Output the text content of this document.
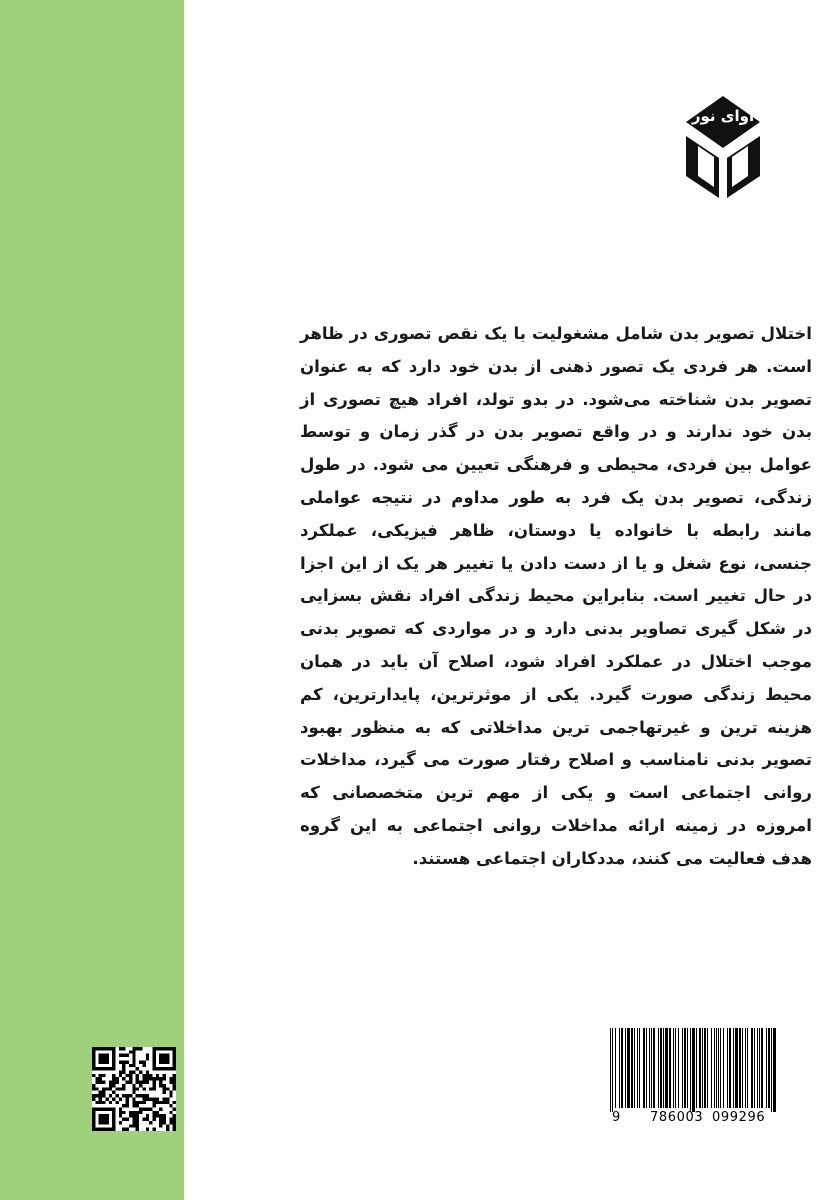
آوای نور
اختلال تصویر بدن شامل مشغولیت با یک نقص تصوری در ظاهر است. هر فردی یک تصور ذهنی از بدن خود دارد که به عنوان تصویر بدن شناخته می‌شود. در بدو تولد، افراد هیچ تصوری از بدن خود ندارند و در واقع تصویر بدن در گذر زمان و توسط عوامل بین فردی، محیطی و فرهنگی تعیین می شود. در طول زندگی، تصویر بدن یک فرد به طور مداوم در نتیجه عواملی مانند رابطه با خانواده یا دوستان، ظاهر فیزیکی، عملکرد جنسی، نوع شغل و یا از دست دادن یا تغییر هر یک از این اجزا در حال تغییر است. بنابراین محیط زندگی افراد نقش بسزایی در شکل گیری تصاویر بدنی دارد و در مواردی که تصویر بدنی موجب اختلال در عملکرد افراد شود، اصلاح آن باید در همان محیط زندگی صورت گیرد. یکی از موثرترین، پایدارترین، کم هزینه ترین و غیرتهاجمی ترین مداخلاتی که به منظور بهبود تصویر بدنی نامناسب و اصلاح رفتار صورت می گیرد، مداخلات روانی اجتماعی است و یکی از مهم ترین متخصصانی که امروزه در زمینه ارائه مداخلات روانی اجتماعی به این گروه هدف فعالیت می کنند، مددکاران اجتماعی هستند.
9 786003 099296
